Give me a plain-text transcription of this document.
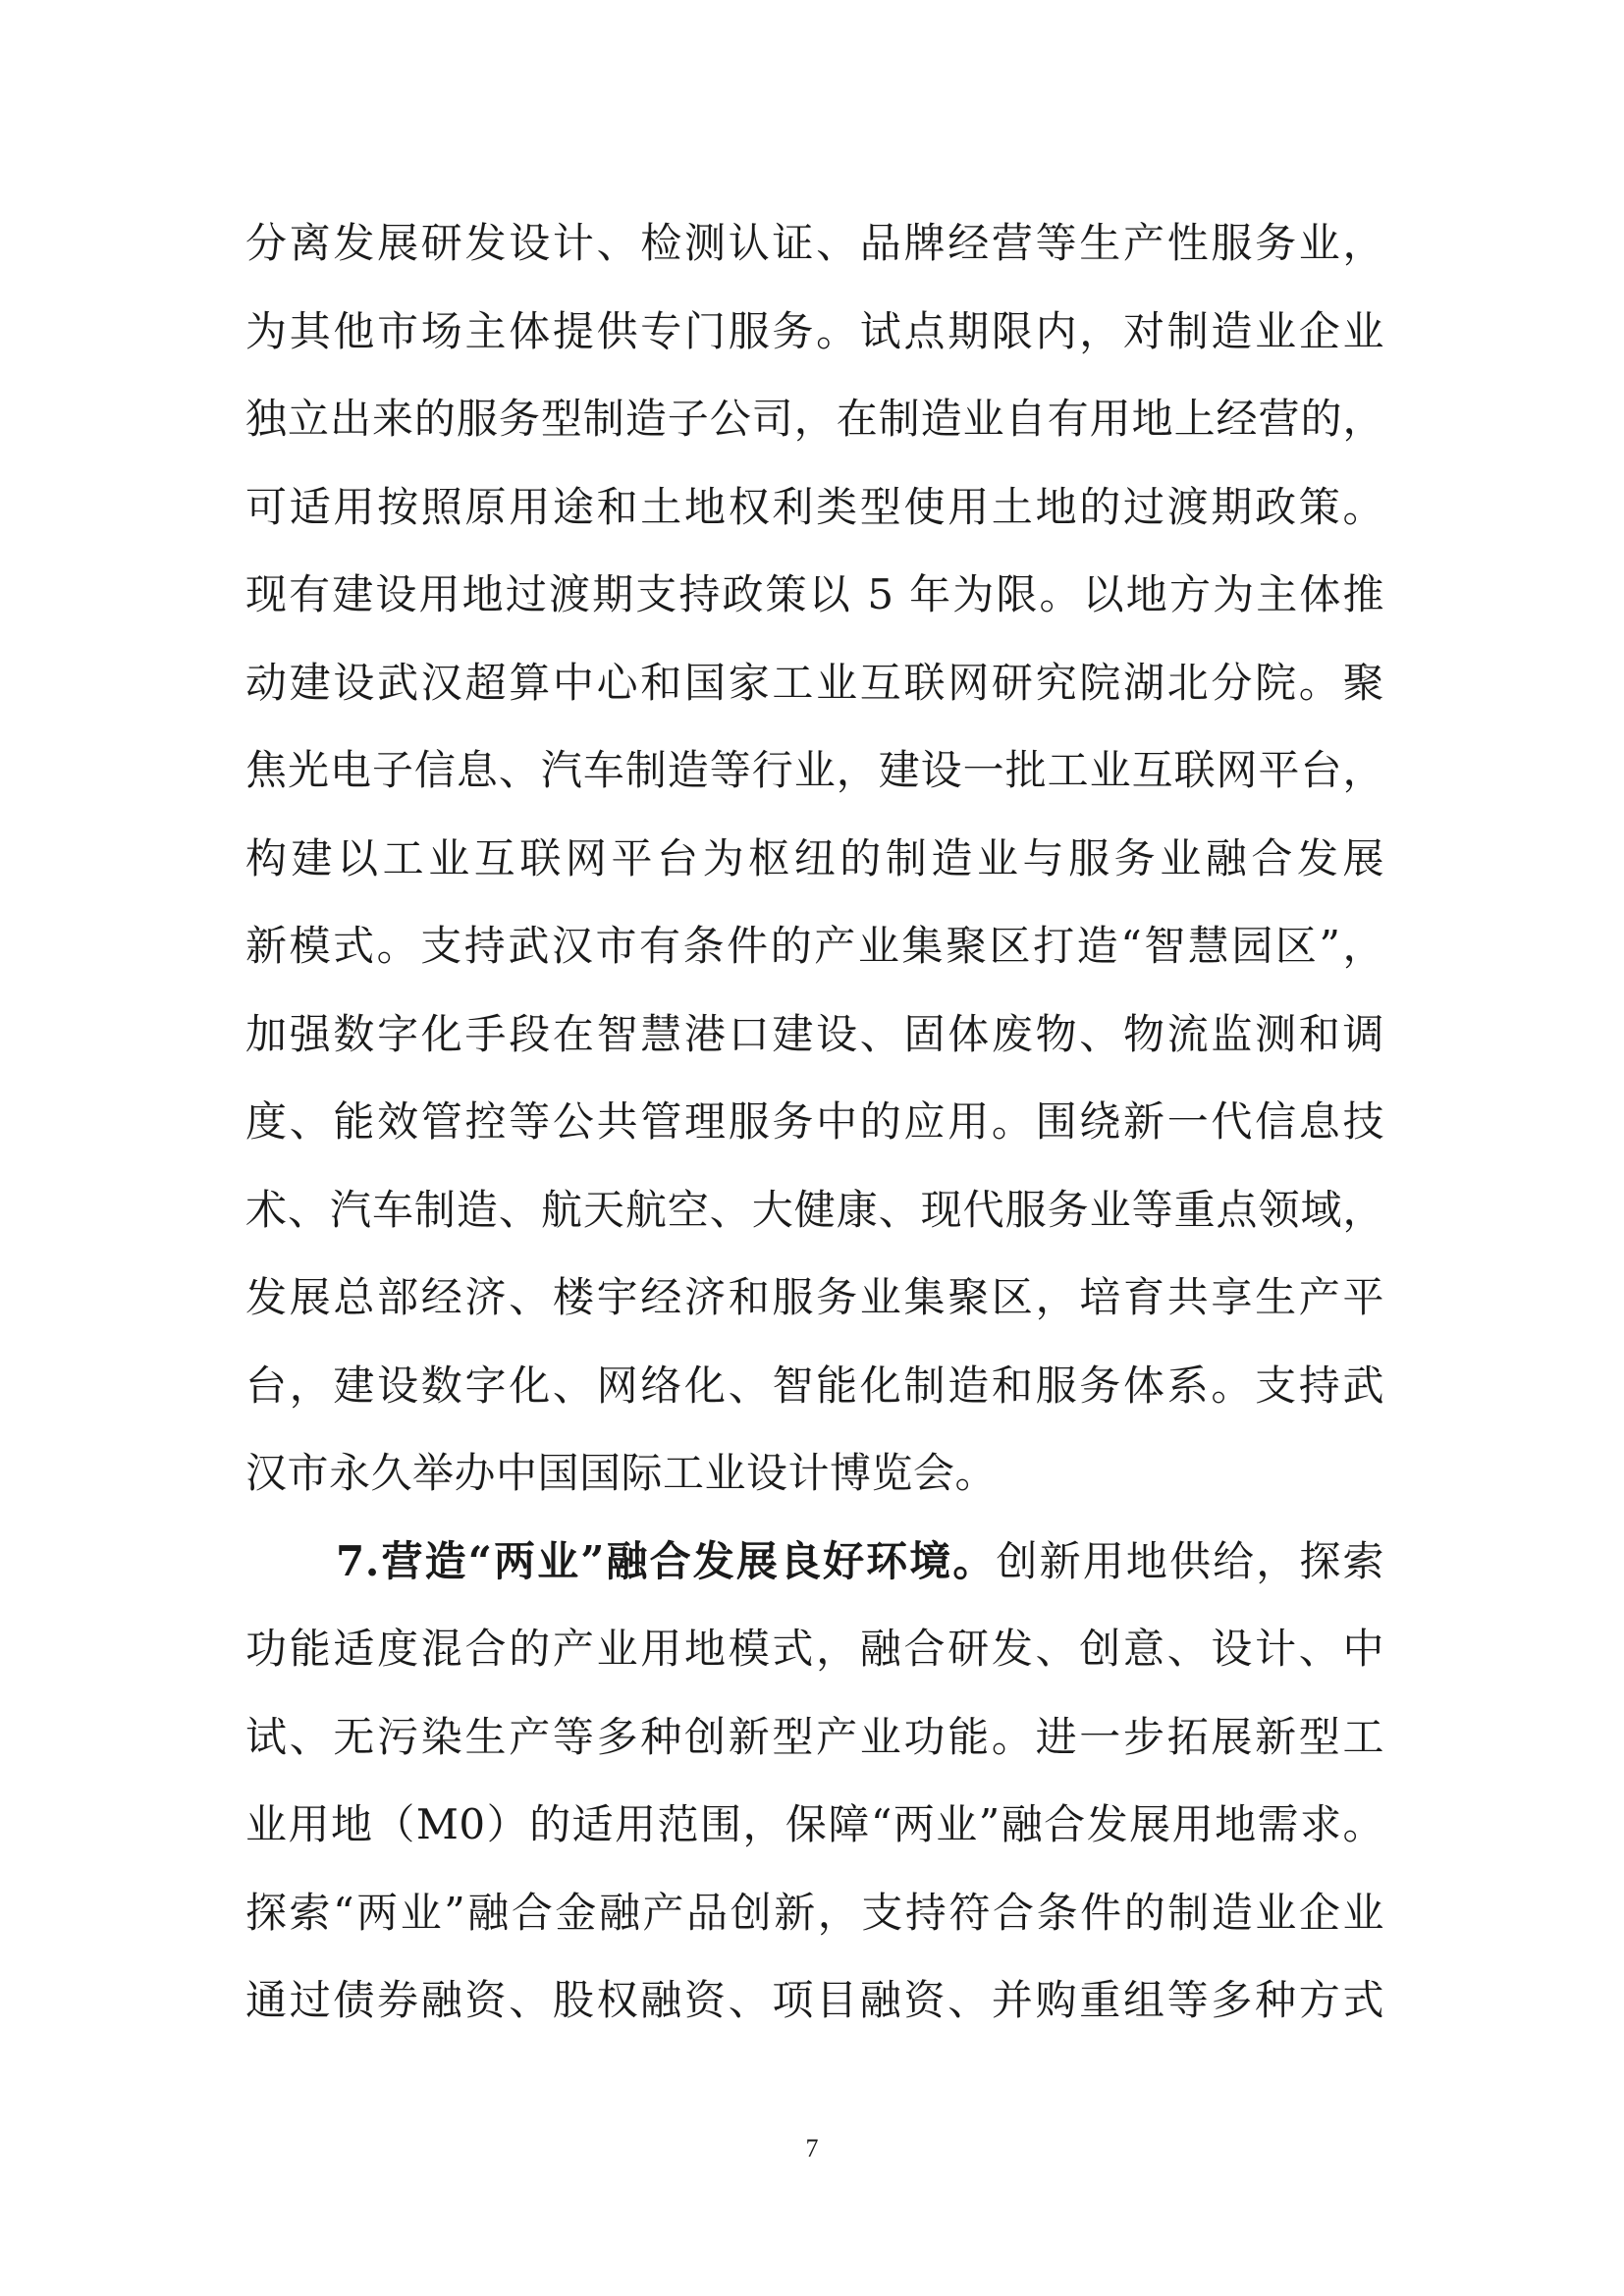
分离发展研发设计、检测认证、品牌经营等生产性服务业，
为其他市场主体提供专门服务。试点期限内，对制造业企业
独立出来的服务型制造子公司，在制造业自有用地上经营的，
可适用按照原用途和土地权利类型使用土地的过渡期政策。
现有建设用地过渡期支持政策以 5 年为限。以地方为主体推
动建设武汉超算中心和国家工业互联网研究院湖北分院。聚
焦光电子信息、汽车制造等行业，建设一批工业互联网平台，
构建以工业互联网平台为枢纽的制造业与服务业融合发展
新模式。支持武汉市有条件的产业集聚区打造“智慧园区”，
加强数字化手段在智慧港口建设、固体废物、物流监测和调
度、能效管控等公共管理服务中的应用。围绕新一代信息技
术、汽车制造、航天航空、大健康、现代服务业等重点领域，
发展总部经济、楼宇经济和服务业集聚区，培育共享生产平
台，建设数字化、网络化、智能化制造和服务体系。支持武
汉市永久举办中国国际工业设计博览会。
7.营造“两业”融合发展良好环境。创新用地供给，探索
功能适度混合的产业用地模式，融合研发、创意、设计、中
试、无污染生产等多种创新型产业功能。进一步拓展新型工
业用地（M0）的适用范围，保障“两业”融合发展用地需求。
探索“两业”融合金融产品创新，支持符合条件的制造业企业
通过债券融资、股权融资、项目融资、并购重组等多种方式
7
